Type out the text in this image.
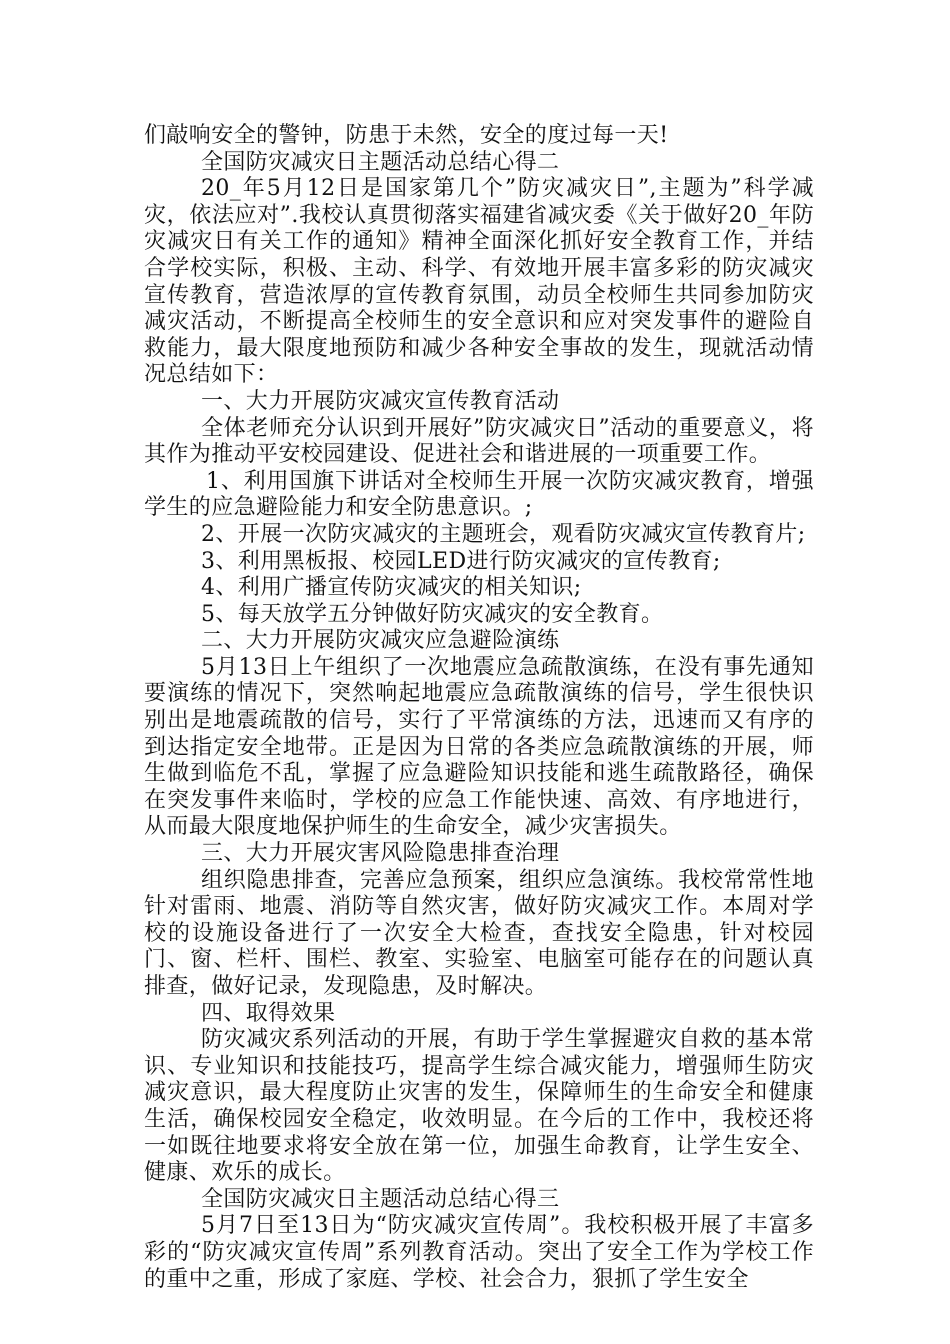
们敲响安全的警钟，防患于未然，安全的度过每一天!

全国防灾减灾日主题活动总结心得二

20_年5月12日是国家第几个”防灾减灾日”,主题为”科学减灾，依法应对”.我校认真贯彻落实福建省减灾委《关于做好20_年防灾减灾日有关工作的通知》精神全面深化抓好安全教育工作，并结合学校实际，积极、主动、科学、有效地开展丰富多彩的防灾减灾宣传教育，营造浓厚的宣传教育氛围，动员全校师生共同参加防灾减灾活动，不断提高全校师生的安全意识和应对突发事件的避险自救能力，最大限度地预防和减少各种安全事故的发生，现就活动情况总结如下：

一、大力开展防灾减灾宣传教育活动

全体老师充分认识到开展好”防灾减灾日”活动的重要意义，将其作为推动平安校园建设、促进社会和谐进展的一项重要工作。

1、利用国旗下讲话对全校师生开展一次防灾减灾教育，增强学生的应急避险能力和安全防患意识。;

2、开展一次防灾减灾的主题班会，观看防灾减灾宣传教育片;

3、利用黑板报、校园LED进行防灾减灾的宣传教育;

4、利用广播宣传防灾减灾的相关知识;

5、每天放学五分钟做好防灾减灾的安全教育。

二、大力开展防灾减灾应急避险演练

5月13日上午组织了一次地震应急疏散演练，在没有事先通知要演练的情况下，突然响起地震应急疏散演练的信号，学生很快识别出是地震疏散的信号，实行了平常演练的方法，迅速而又有序的到达指定安全地带。正是因为日常的各类应急疏散演练的开展，师生做到临危不乱，掌握了应急避险知识技能和逃生疏散路径，确保在突发事件来临时，学校的应急工作能快速、高效、有序地进行，从而最大限度地保护师生的生命安全，减少灾害损失。

三、大力开展灾害风险隐患排查治理

组织隐患排查，完善应急预案，组织应急演练。我校常常性地针对雷雨、地震、消防等自然灾害，做好防灾减灾工作。本周对学校的设施设备进行了一次安全大检查，查找安全隐患，针对校园门、窗、栏杆、围栏、教室、实验室、电脑室可能存在的问题认真排查，做好记录，发现隐患，及时解决。

四、取得效果

防灾减灾系列活动的开展，有助于学生掌握避灾自救的基本常识、专业知识和技能技巧，提高学生综合减灾能力，增强师生防灾减灾意识，最大程度防止灾害的发生，保障师生的生命安全和健康生活，确保校园安全稳定，收效明显。在今后的工作中，我校还将一如既往地要求将安全放在第一位，加强生命教育，让学生安全、健康、欢乐的成长。

全国防灾减灾日主题活动总结心得三

5月7日至13日为“防灾减灾宣传周”。我校积极开展了丰富多彩的“防灾减灾宣传周”系列教育活动。突出了安全工作为学校工作的重中之重，形成了家庭、学校、社会合力，狠抓了学生安全
